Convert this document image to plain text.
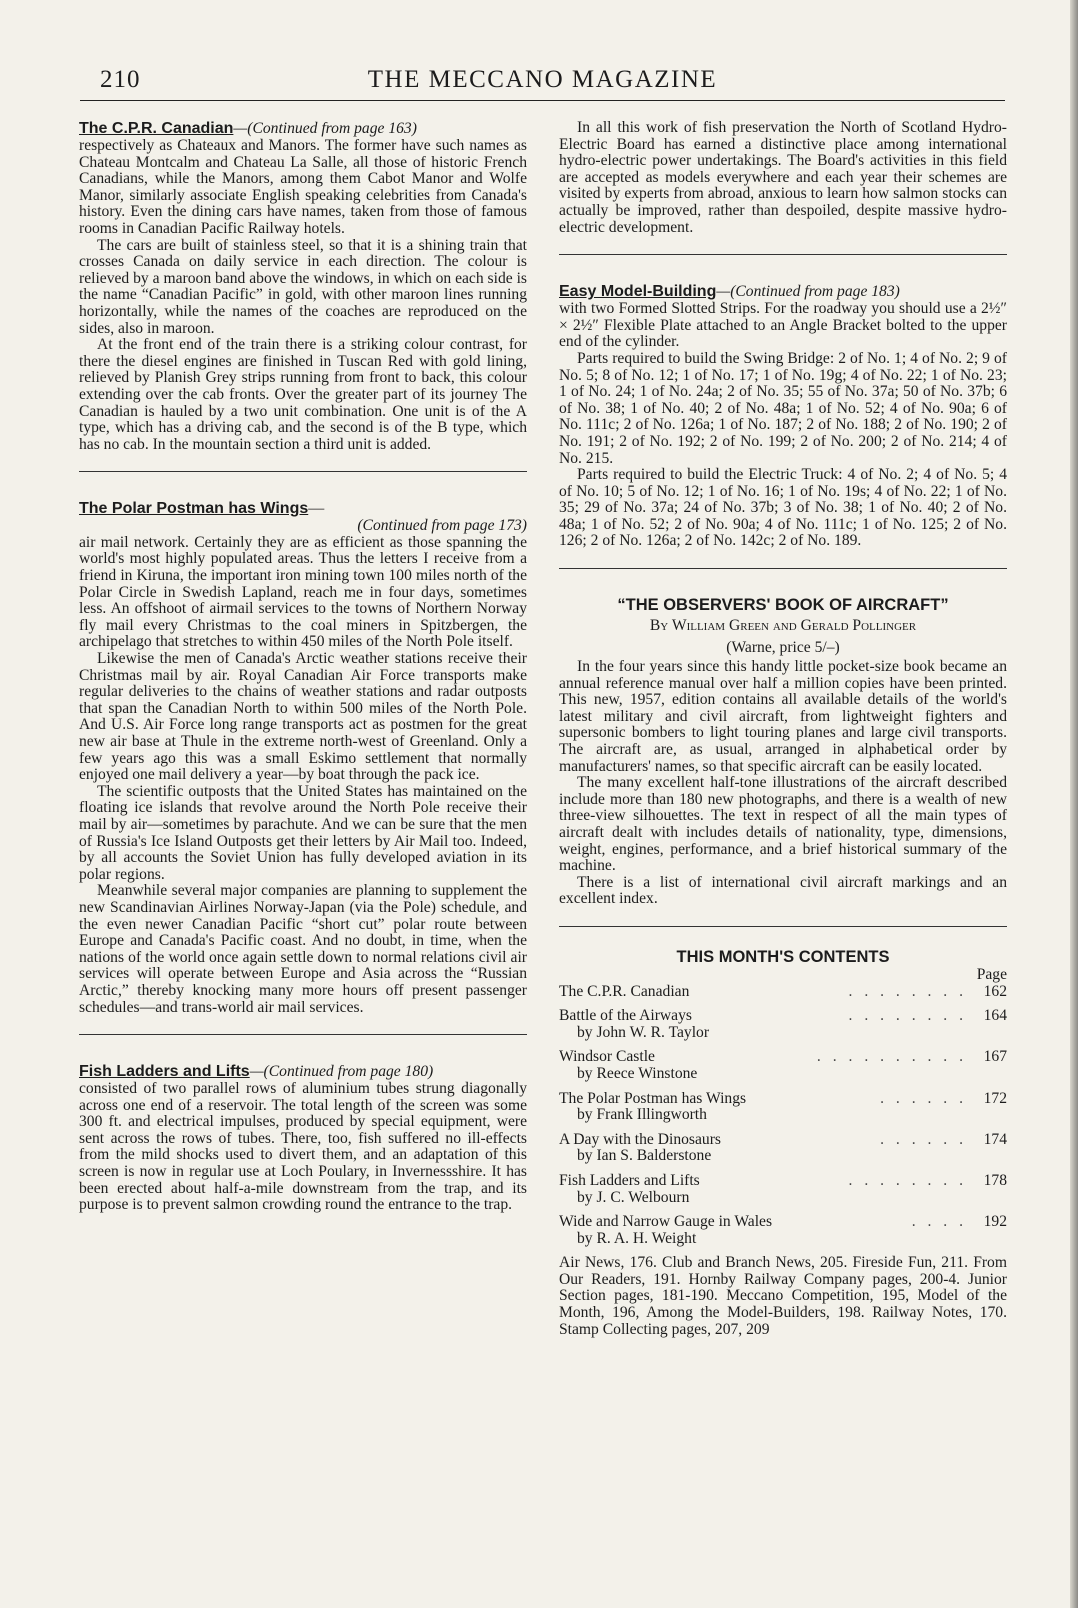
210	THE MECCANO MAGAZINE

The C.P.R. Canadian—(Continued from page 163)

respectively as Chateaux and Manors. The former have such names as Chateau Montcalm and Chateau La Salle, all those of historic French Canadians, while the Manors, among them Cabot Manor and Wolfe Manor, similarly associate English speaking celebrities from Canada's history. Even the dining cars have names, taken from those of famous rooms in Canadian Pacific Railway hotels.

The cars are built of stainless steel, so that it is a shining train that crosses Canada on daily service in each direction. The colour is relieved by a maroon band above the windows, in which on each side is the name “Canadian Pacific” in gold, with other maroon lines running horizontally, while the names of the coaches are reproduced on the sides, also in maroon.

At the front end of the train there is a striking colour contrast, for there the diesel engines are finished in Tuscan Red with gold lining, relieved by Planish Grey strips running from front to back, this colour extending over the cab fronts. Over the greater part of its journey The Canadian is hauled by a two unit combination. One unit is of the A type, which has a driving cab, and the second is of the B type, which has no cab. In the mountain section a third unit is added.

The Polar Postman has Wings—

(Continued from page 173)

air mail network. Certainly they are as efficient as those spanning the world's most highly populated areas. Thus the letters I receive from a friend in Kiruna, the important iron mining town 100 miles north of the Polar Circle in Swedish Lapland, reach me in four days, sometimes less. An offshoot of airmail services to the towns of Northern Norway fly mail every Christmas to the coal miners in Spitzbergen, the archipelago that stretches to within 450 miles of the North Pole itself.

Likewise the men of Canada's Arctic weather stations receive their Christmas mail by air. Royal Canadian Air Force transports make regular deliveries to the chains of weather stations and radar outposts that span the Canadian North to within 500 miles of the North Pole. And U.S. Air Force long range transports act as postmen for the great new air base at Thule in the extreme north-west of Greenland. Only a few years ago this was a small Eskimo settlement that normally enjoyed one mail delivery a year—by boat through the pack ice.

The scientific outposts that the United States has maintained on the floating ice islands that revolve around the North Pole receive their mail by air—sometimes by parachute. And we can be sure that the men of Russia's Ice Island Outposts get their letters by Air Mail too. Indeed, by all accounts the Soviet Union has fully developed aviation in its polar regions.

Meanwhile several major companies are planning to supplement the new Scandinavian Airlines Norway-Japan (via the Pole) schedule, and the even newer Canadian Pacific “short cut” polar route between Europe and Canada's Pacific coast. And no doubt, in time, when the nations of the world once again settle down to normal relations civil air services will operate between Europe and Asia across the “Russian Arctic,” thereby knocking many more hours off present passenger schedules—and trans-world air mail services.

Fish Ladders and Lifts—(Continued from page 180)

consisted of two parallel rows of aluminium tubes strung diagonally across one end of a reservoir. The total length of the screen was some 300 ft. and electrical impulses, produced by special equipment, were sent across the rows of tubes. There, too, fish suffered no ill-effects from the mild shocks used to divert them, and an adaptation of this screen is now in regular use at Loch Poulary, in Invernessshire. It has been erected about half-a-mile downstream from the trap, and its purpose is to prevent salmon crowding round the entrance to the trap.

In all this work of fish preservation the North of Scotland Hydro-Electric Board has earned a distinctive place among international hydro-electric power undertakings. The Board's activities in this field are accepted as models everywhere and each year their schemes are visited by experts from abroad, anxious to learn how salmon stocks can actually be improved, rather than despoiled, despite massive hydro-electric development.

Easy Model-Building—(Continued from page 183)

with two Formed Slotted Strips. For the roadway you should use a 2½″ × 2½″ Flexible Plate attached to an Angle Bracket bolted to the upper end of the cylinder.

Parts required to build the Swing Bridge: 2 of No. 1; 4 of No. 2; 9 of No. 5; 8 of No. 12; 1 of No. 17; 1 of No. 19g; 4 of No. 22; 1 of No. 23; 1 of No. 24; 1 of No. 24a; 2 of No. 35; 55 of No. 37a; 50 of No. 37b; 6 of No. 38; 1 of No. 40; 2 of No. 48a; 1 of No. 52; 4 of No. 90a; 6 of No. 111c; 2 of No. 126a; 1 of No. 187; 2 of No. 188; 2 of No. 190; 2 of No. 191; 2 of No. 192; 2 of No. 199; 2 of No. 200; 2 of No. 214; 4 of No. 215.

Parts required to build the Electric Truck: 4 of No. 2; 4 of No. 5; 4 of No. 10; 5 of No. 12; 1 of No. 16; 1 of No. 19s; 4 of No. 22; 1 of No. 35; 29 of No. 37a; 24 of No. 37b; 3 of No. 38; 1 of No. 40; 2 of No. 48a; 1 of No. 52; 2 of No. 90a; 4 of No. 111c; 1 of No. 125; 2 of No. 126; 2 of No. 126a; 2 of No. 142c; 2 of No. 189.

“THE OBSERVERS' BOOK OF AIRCRAFT”

By William Green and Gerald Pollinger

(Warne, price 5/–)

In the four years since this handy little pocket-size book became an annual reference manual over half a million copies have been printed. This new, 1957, edition contains all available details of the world's latest military and civil aircraft, from lightweight fighters and supersonic bombers to light touring planes and large civil transports. The aircraft are, as usual, arranged in alphabetical order by manufacturers' names, so that specific aircraft can be easily located.

The many excellent half-tone illustrations of the aircraft described include more than 180 new photographs, and there is a wealth of new three-view silhouettes. The text in respect of all the main types of aircraft dealt with includes details of nationality, type, dimensions, weight, engines, performance, and a brief historical summary of the machine.

There is a list of international civil aircraft markings and an excellent index.

THIS MONTH'S CONTENTS

Page

The C.P.R. Canadian	. . . . . . . .	162
Battle of the Airways	. . . . . . . .	164
by John W. R. Taylor
Windsor Castle	. . . . . . . . . .	167
by Reece Winstone
The Polar Postman has Wings	. . . . . .	172
by Frank Illingworth
A Day with the Dinosaurs	. . . . . .	174
by Ian S. Balderstone
Fish Ladders and Lifts	. . . . . . . .	178
by J. C. Welbourn
Wide and Narrow Gauge in Wales	. . . .	192
by R. A. H. Weight

Air News, 176. Club and Branch News, 205. Fireside Fun, 211. From Our Readers, 191. Hornby Railway Company pages, 200-4. Junior Section pages, 181-190. Meccano Competition, 195, Model of the Month, 196, Among the Model-Builders, 198. Railway Notes, 170. Stamp Collecting pages, 207, 209
